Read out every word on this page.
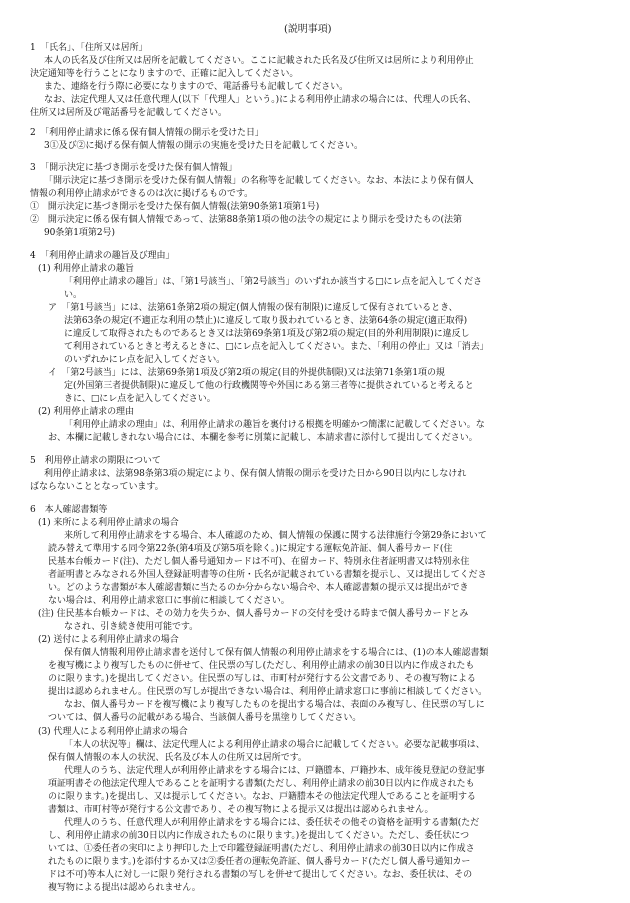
(説明事項)
1　「氏名」、「住所又は居所」
本人の氏名及び住所又は居所を記載してください。ここに記載された氏名及び住所又は居所により利用停止
決定通知等を行うことになりますので、正確に記入してください。
また、連絡を行う際に必要になりますので、電話番号も記載してください。
なお、法定代理人又は任意代理人(以下「代理人」という。)による利用停止請求の場合には、代理人の氏名、
住所又は居所及び電話番号を記載してください。
2　「利用停止請求に係る保有個人情報の開示を受けた日」
3①及び②に掲げる保有個人情報の開示の実施を受けた日を記載してください。
3　「開示決定に基づき開示を受けた保有個人情報」
「開示決定に基づき開示を受けた保有個人情報」の名称等を記載してください。なお、本法により保有個人
情報の利用停止請求ができるのは次に掲げるものです。
①　開示決定に基づき開示を受けた保有個人情報(法第90条第1項第1号)
②　開示決定に係る保有個人情報であって、法第88条第1項の他の法令の規定により開示を受けたもの(法第
90条第1項第2号)
4　「利用停止請求の趣旨及び理由」
(1) 利用停止請求の趣旨
「利用停止請求の趣旨」は、「第1号該当」、「第2号該当」のいずれか該当する□にレ点を記入してくださ
い。
ア　「第1号該当」には、法第61条第2項の規定(個人情報の保有制限)に違反して保有されているとき、
法第63条の規定(不適正な利用の禁止)に違反して取り扱われているとき、法第64条の規定(適正取得)
に違反して取得されたものであるとき又は法第69条第1項及び第2項の規定(目的外利用制限)に違反し
て利用されているときと考えるときに、□にレ点を記入してください。また、「利用の停止」又は「消去」
のいずれかにレ点を記入してください。
イ　「第2号該当」には、法第69条第1項及び第2項の規定(目的外提供制限)又は法第71条第1項の規
定(外国第三者提供制限)に違反して他の行政機関等や外国にある第三者等に提供されていると考えると
きに、□にレ点を記入してください。
(2) 利用停止請求の理由
「利用停止請求の理由」は、利用停止請求の趣旨を裏付ける根拠を明確かつ簡潔に記載してください。な
お、本欄に記載しきれない場合には、本欄を参考に別葉に記載し、本請求書に添付して提出してください。
5　利用停止請求の期限について
利用停止請求は、法第98条第3項の規定により、保有個人情報の開示を受けた日から90日以内にしなけれ
ばならないこととなっています。
6　本人確認書類等
(1) 来所による利用停止請求の場合
来所して利用停止請求をする場合、本人確認のため、個人情報の保護に関する法律施行令第29条において
読み替えて準用する同令第22条(第4項及び第5項を除く。)に規定する運転免許証、個人番号カード(住
民基本台帳カード(注)、ただし個人番号通知カードは不可)、在留カード、特別永住者証明書又は特別永住
者証明書とみなされる外国人登録証明書等の住所・氏名が記載されている書類を提示し、又は提出してくださ
い。どのような書類が本人確認書類に当たるのか分からない場合や、本人確認書類の提示又は提出ができ
ない場合は、利用停止請求窓口に事前に相談してください。
(注) 住民基本台帳カードは、その効力を失うか、個人番号カードの交付を受ける時まで個人番号カードとみ
なされ、引き続き使用可能です。
(2) 送付による利用停止請求の場合
保有個人情報利用停止請求書を送付して保有個人情報の利用停止請求をする場合には、(1)の本人確認書類
を複写機により複写したものに併せて、住民票の写し(ただし、利用停止請求の前30日以内に作成されたも
のに限ります。)を提出してください。住民票の写しは、市町村が発行する公文書であり、その複写物による
提出は認められません。住民票の写しが提出できない場合は、利用停止請求窓口に事前に相談してください。
なお、個人番号カードを複写機により複写したものを提出する場合は、表面のみ複写し、住民票の写しに
ついては、個人番号の記載がある場合、当該個人番号を黒塗りしてください。
(3) 代理人による利用停止請求の場合
「本人の状況等」欄は、法定代理人による利用停止請求の場合に記載してください。必要な記載事項は、
保有個人情報の本人の状況、氏名及び本人の住所又は居所です。
代理人のうち、法定代理人が利用停止請求をする場合には、戸籍謄本、戸籍抄本、成年後見登記の登記事
項証明書その他法定代理人であることを証明する書類(ただし、利用停止請求の前30日以内に作成されたも
のに限ります。)を提出し、又は提示してください。なお、戸籍謄本その他法定代理人であることを証明する
書類は、市町村等が発行する公文書であり、その複写物による提示又は提出は認められません。
代理人のうち、任意代理人が利用停止請求をする場合には、委任状その他その資格を証明する書類(ただ
し、利用停止請求の前30日以内に作成されたものに限ります。)を提出してください。ただし、委任状につ
いては、①委任者の実印により押印した上で印鑑登録証明書(ただし、利用停止請求の前30日以内に作成さ
れたものに限ります。)を添付するか又は②委任者の運転免許証、個人番号カード(ただし個人番号通知カー
ドは不可)等本人に対し一に限り発行される書類の写しを併せて提出してください。なお、委任状は、その
複写物による提出は認められません。
